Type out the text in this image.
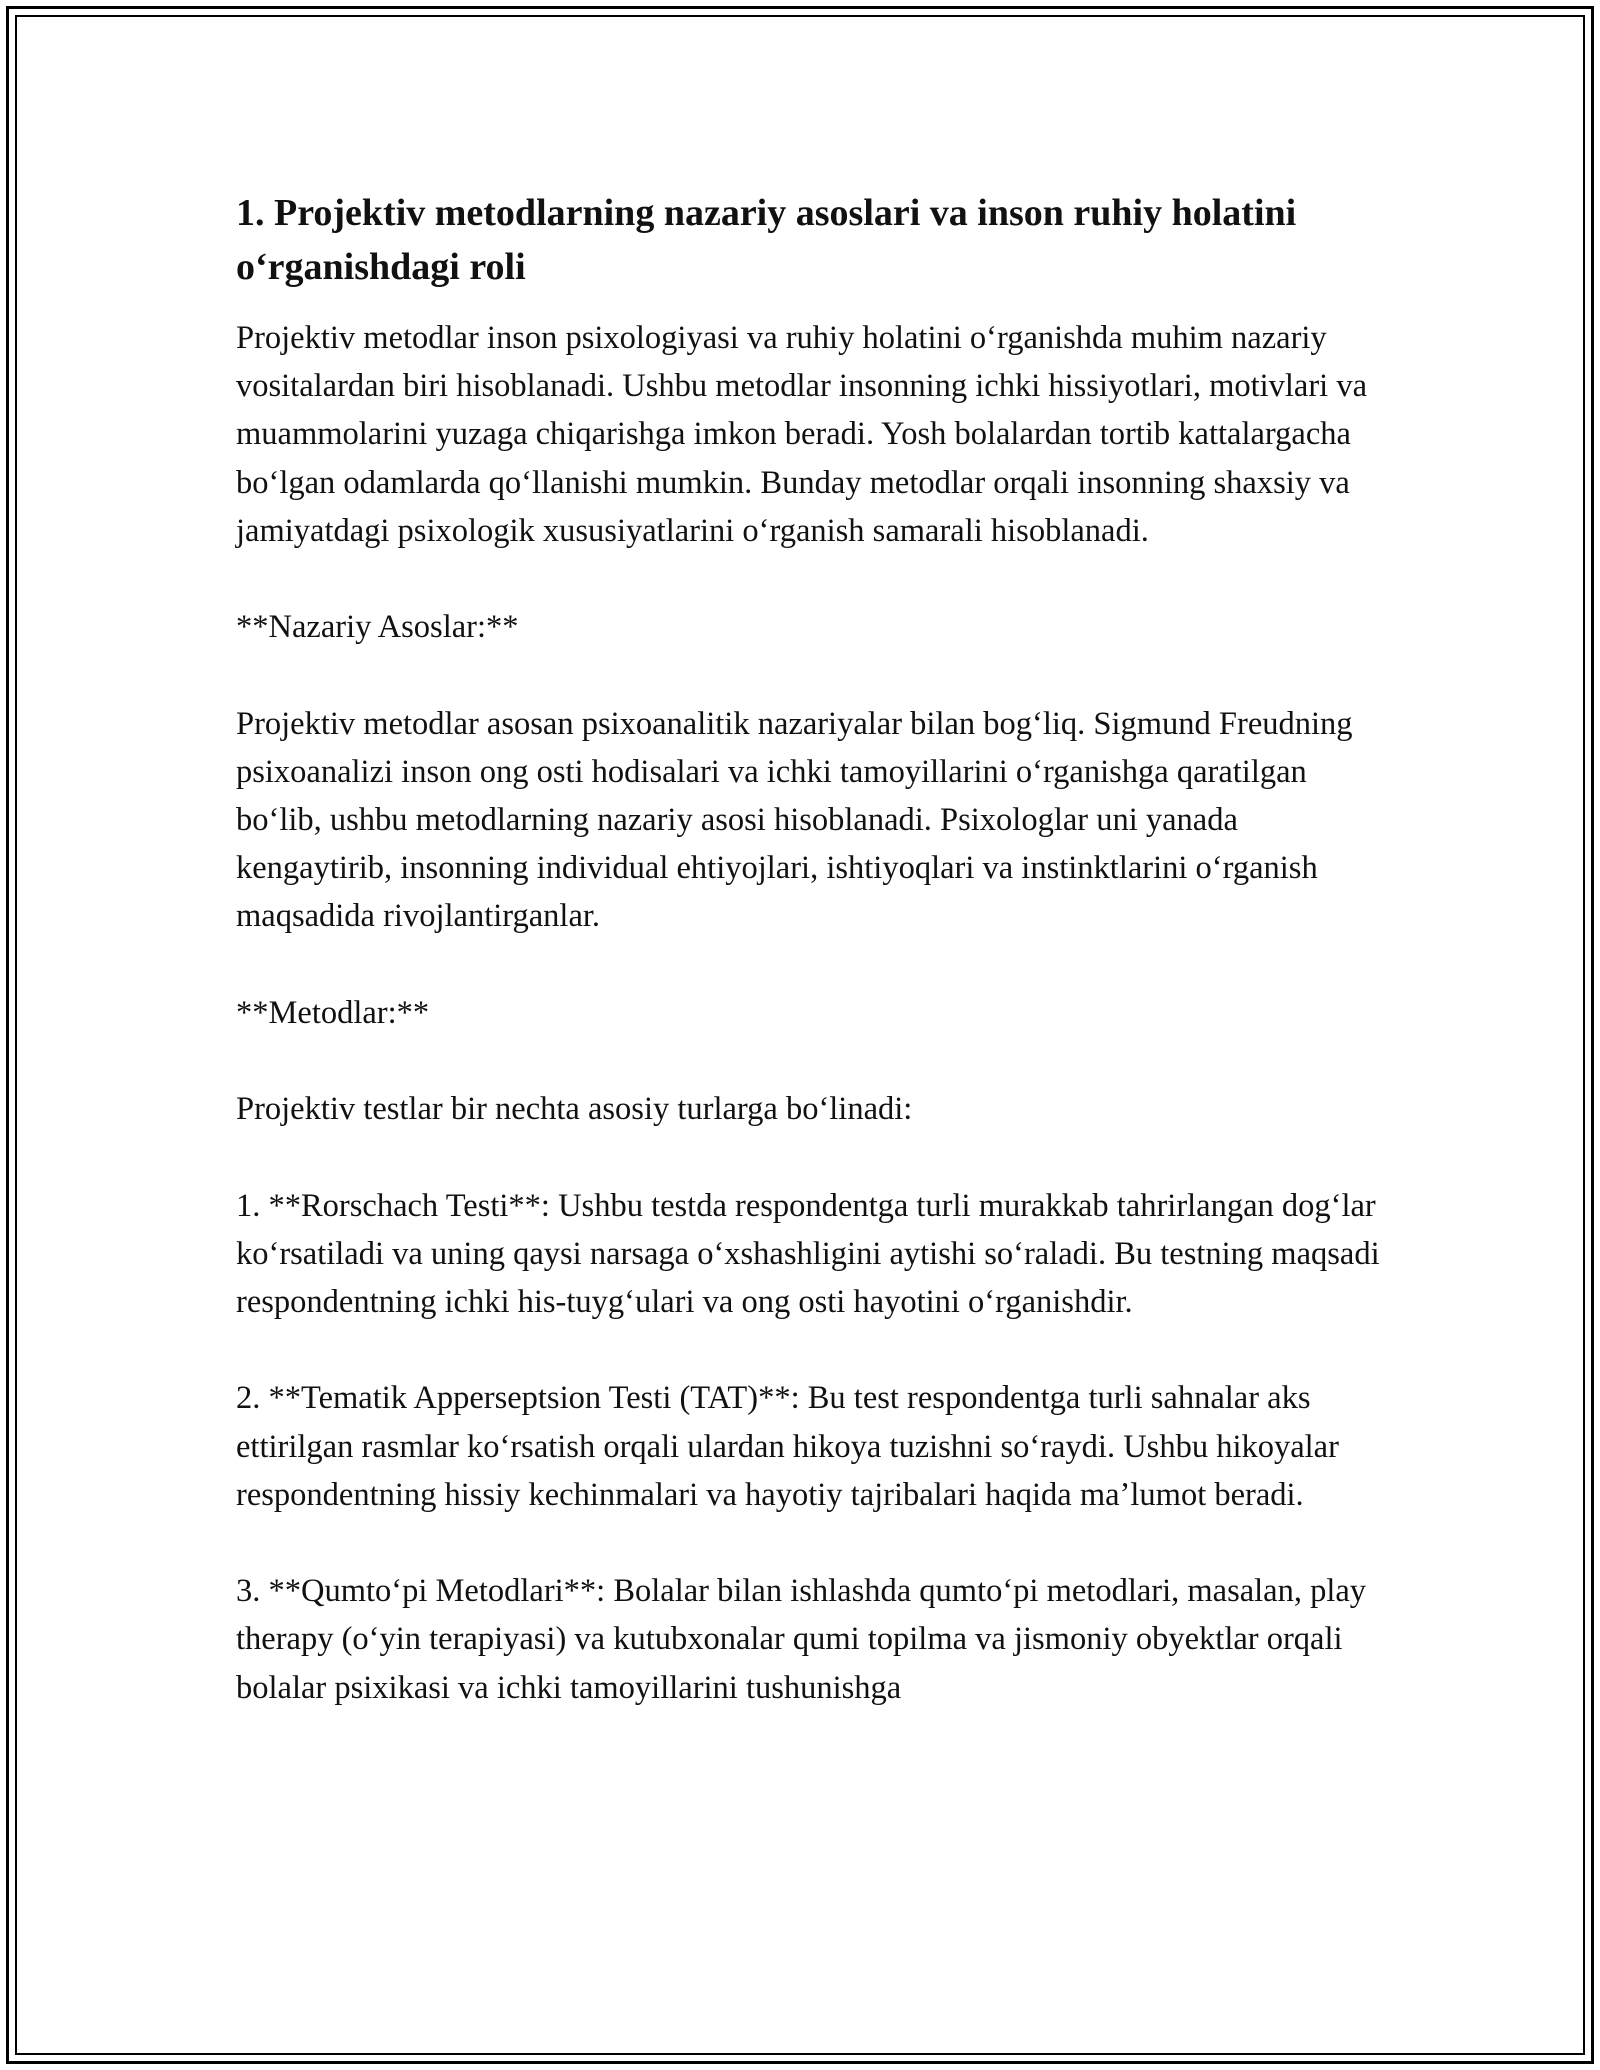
1. Projektiv metodlarning nazariy asoslari va inson ruhiy holatini oʻrganishdagi roli

Projektiv metodlar inson psixologiyasi va ruhiy holatini oʻrganishda muhim nazariy vositalardan biri hisoblanadi. Ushbu metodlar insonning ichki hissiyotlari, motivlari va muammolarini yuzaga chiqarishga imkon beradi. Yosh bolalardan tortib kattalargacha boʻlgan odamlarda qoʻllanishi mumkin. Bunday metodlar orqali insonning shaxsiy va jamiyatdagi psixologik xususiyatlarini oʻrganish samarali hisoblanadi.

**Nazariy Asoslar:**

Projektiv metodlar asosan psixoanalitik nazariyalar bilan bogʻliq. Sigmund Freudning psixoanalizi inson ong osti hodisalari va ichki tamoyillarini oʻrganishga qaratilgan boʻlib, ushbu metodlarning nazariy asosi hisoblanadi. Psixologlar uni yanada kengaytirib, insonning individual ehtiyojlari, ishtiyoqlari va instinktlarini oʻrganish maqsadida rivojlantirganlar.

**Metodlar:**

Projektiv testlar bir nechta asosiy turlarga boʻlinadi:

1. **Rorschach Testi**: Ushbu testda respondentga turli murakkab tahrirlangan dogʻlar koʻrsatiladi va uning qaysi narsaga oʻxshashligini aytishi soʻraladi. Bu testning maqsadi respondentning ichki his-tuygʻulari va ong osti hayotini oʻrganishdir.

2. **Tematik Apperseptsion Testi (TAT)**: Bu test respondentga turli sahnalar aks ettirilgan rasmlar koʻrsatish orqali ulardan hikoya tuzishni soʻraydi. Ushbu hikoyalar respondentning hissiy kechinmalari va hayotiy tajribalari haqida maʼlumot beradi.

3. **Qumtoʻpi Metodlari**: Bolalar bilan ishlashda qumtoʻpi metodlari, masalan, play therapy (oʻyin terapiyasi) va kutubxonalar qumi topilma va jismoniy obyektlar orqali bolalar psixikasi va ichki tamoyillarini tushunishga
